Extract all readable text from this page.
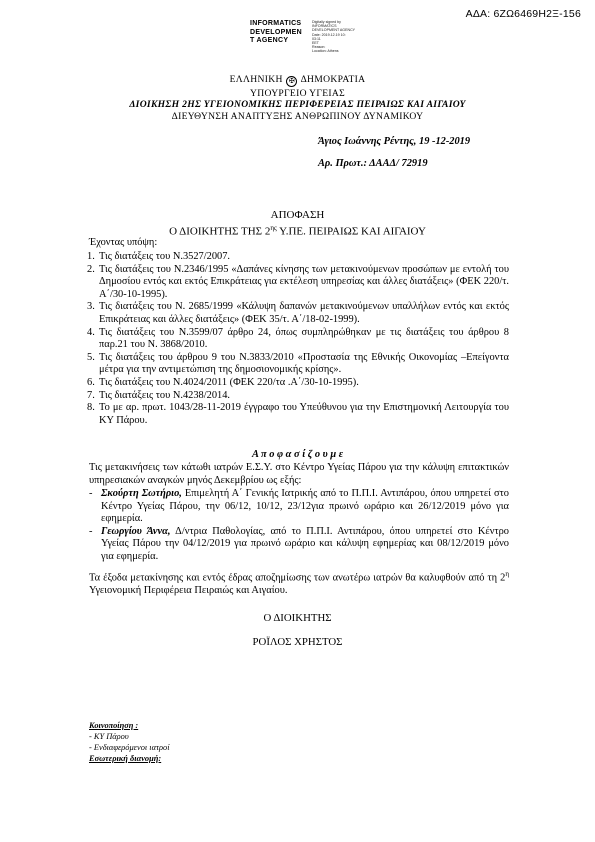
ΑΔΑ: 6ΖΩ6469Η2Ξ-156
INFORMATICS
DEVELOPMEN
T AGENCY
Digitally signed by
INFORMATICS
DEVELOPMENT AGENCY
Date: 2019.12.19 10:
03:11
EET
Reason:
Location: Athens
ΕΛΛΗΝΙΚΗ ✠ ΔΗΜΟΚΡΑΤΙΑ
ΥΠΟΥΡΓΕΙΟ ΥΓΕΙΑΣ
ΔΙΟΙΚΗΣΗ 2ΗΣ ΥΓΕΙΟΝΟΜΙΚΗΣ ΠΕΡΙΦΕΡΕΙΑΣ ΠΕΙΡΑΙΩΣ ΚΑΙ ΑΙΓΑΙΟΥ
ΔΙΕΥΘΥΝΣΗ ΑΝΑΠΤΥΞΗΣ ΑΝΘΡΩΠΙΝΟΥ ΔΥΝΑΜΙΚΟΥ
Άγιος Ιωάννης Ρέντης, 19 -12-2019
Αρ. Πρωτ.: ΔΑΑΔ/ 72919
ΑΠΟΦΑΣΗ
Ο ΔΙΟΙΚΗΤΗΣ ΤΗΣ $2^{\eta\varsigma}$ Υ.ΠΕ. ΠΕΙΡΑΙΩΣ ΚΑΙ ΑΙΓΑΙΟΥ
Έχοντας υπόψη:
1. Τις διατάξεις του Ν.3527/2007.
2. Τις διατάξεις του Ν.2346/1995 «Δαπάνες κίνησης των μετακινούμενων προσώπων με εντολή του Δημοσίου εντός και εκτός Επικράτειας για εκτέλεση υπηρεσίας και άλλες διατάξεις» (ΦΕΚ 220/τ. Α΄/30-10-1995).
3. Τις διατάξεις του Ν. 2685/1999 «Κάλυψη δαπανών μετακινούμενων υπαλλήλων εντός και εκτός Επικράτειας και άλλες διατάξεις» (ΦΕΚ 35/τ. Α΄/18-02-1999).
4. Τις διατάξεις του Ν.3599/07 άρθρο 24, όπως συμπληρώθηκαν με τις διατάξεις του άρθρου 8 παρ.21 του Ν. 3868/2010.
5. Τις διατάξεις του άρθρου 9 του Ν.3833/2010 «Προστασία της Εθνικής Οικονομίας –Επείγοντα μέτρα για την αντιμετώπιση της δημοσιονομικής κρίσης».
6. Τις διατάξεις του Ν.4024/2011 (ΦΕΚ 220/τα .Α΄/30-10-1995).
7. Τις διατάξεις του Ν.4238/2014.
8. Το με αρ. πρωτ. 1043/28-11-2019 έγγραφο του Υπεύθυνου για την Επιστημονική Λειτουργία του ΚΥ Πάρου.
Α π ο φ α σ ί ζ ο υ μ ε
Τις μετακινήσεις των κάτωθι ιατρών Ε.Σ.Υ. στο Κέντρο Υγείας Πάρου για την κάλυψη επιτακτικών υπηρεσιακών αναγκών μηνός Δεκεμβρίου ως εξής:
- Σκούρτη Σωτήριο, Επιμελητή Α΄ Γενικής Ιατρικής από το Π.Π.Ι. Αντιπάρου, όπου υπηρετεί στο Κέντρο Υγείας Πάρου, την 06/12, 10/12, 23/12για πρωινό ωράριο και 26/12/2019 μόνο για εφημερία.
- Γεωργίου Άννα, Δ/ντρια Παθολογίας, από το Π.Π.Ι. Αντιπάρου, όπου υπηρετεί στο Κέντρο Υγείας Πάρου την 04/12/2019 για πρωινό ωράριο και κάλυψη εφημερίας και 08/12/2019 μόνο για εφημερία.
Τα έξοδα μετακίνησης και εντός έδρας αποζημίωσης των ανωτέρω ιατρών θα καλυφθούν από τη $2^\eta$ Υγειονομική Περιφέρεια Πειραιώς και Αιγαίου.
Ο ΔΙΟΙΚΗΤΗΣ
ΡΟΪΛΟΣ ΧΡΗΣΤΟΣ
Κοινοποίηση :
- ΚΥ Πάρου
- Ενδιαφερόμενοι ιατροί
Εσωτερική διανομή:
